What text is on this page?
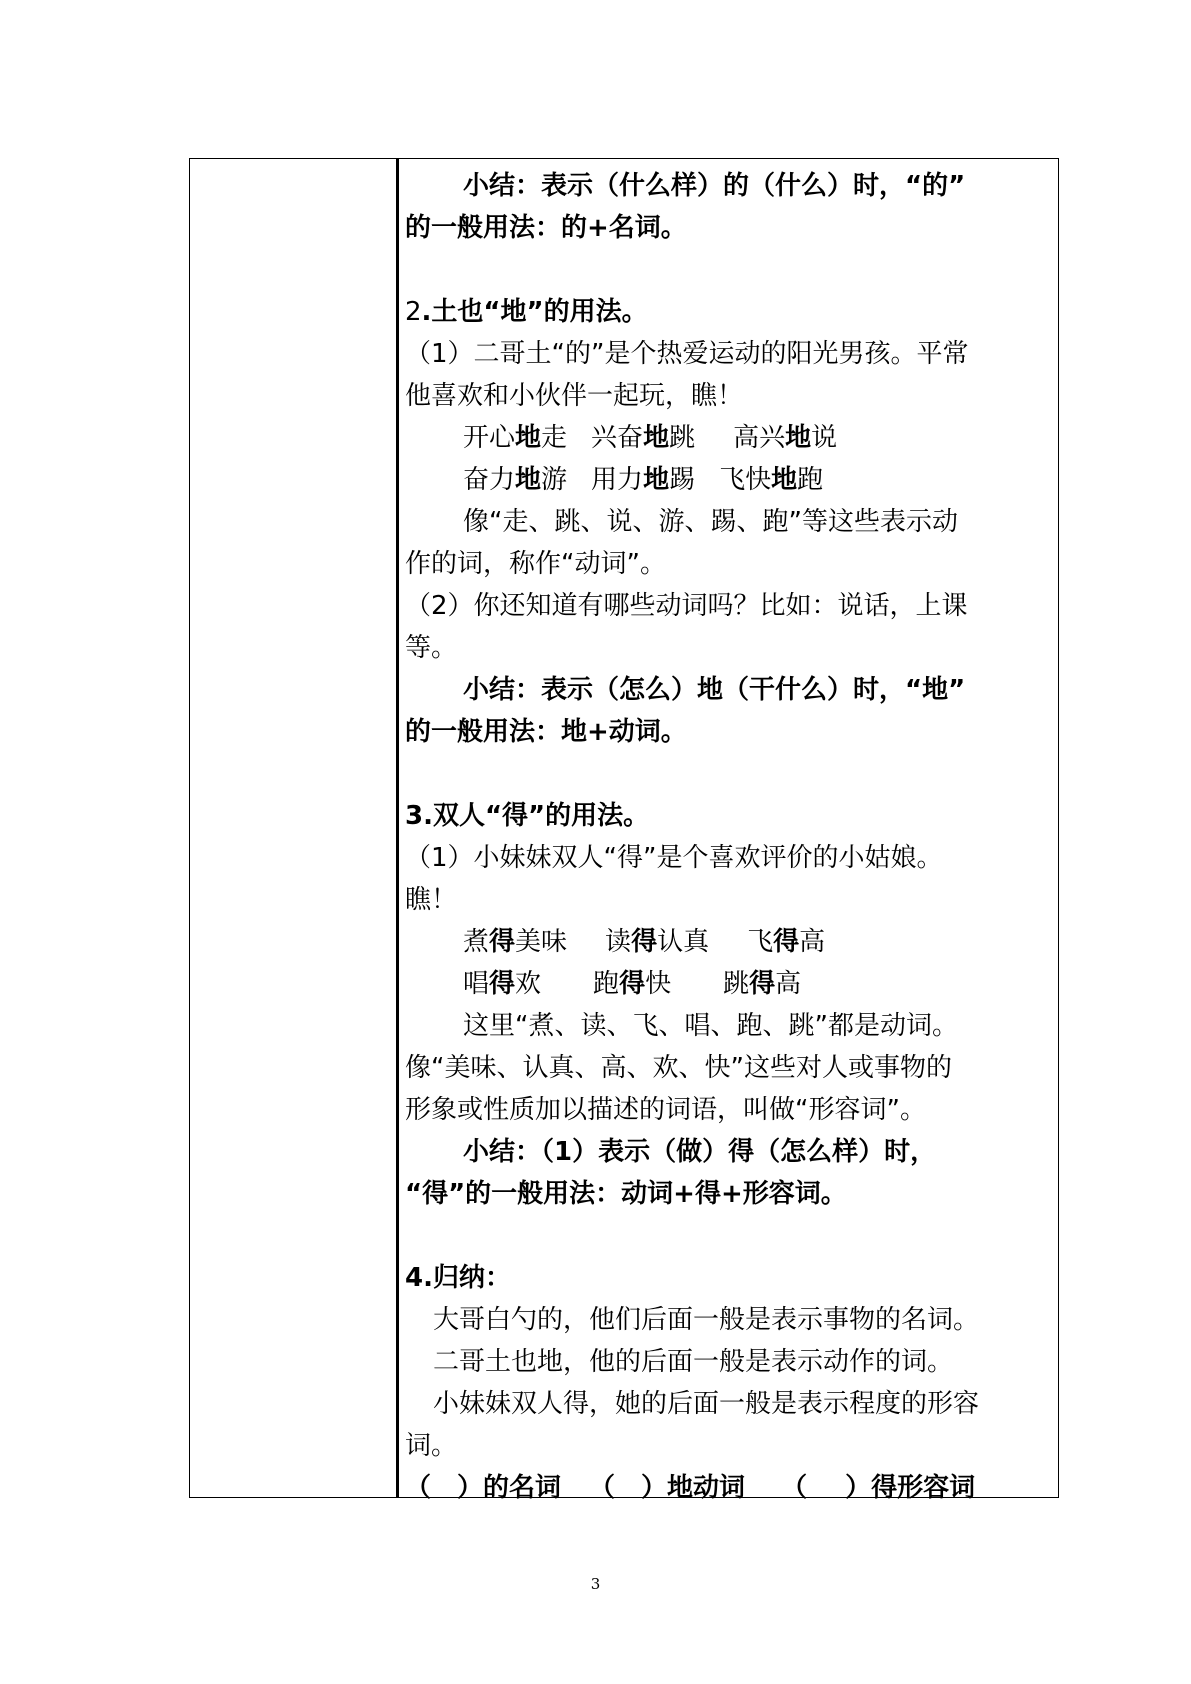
小结：表示（什么样）的（什么）时，“的”
的一般用法：的+名词。
2.土也“地”的用法。
（1）二哥土“的”是个热爱运动的阳光男孩。平常
他喜欢和小伙伴一起玩，瞧！
开心地走 兴奋地跳 高兴地说
奋力地游 用力地踢 飞快地跑
像“走、跳、说、游、踢、跑”等这些表示动
作的词，称作“动词”。
（2）你还知道有哪些动词吗？比如：说话，上课
等。
小结：表示（怎么）地（干什么）时，“地”
的一般用法：地+动词。
3.双人“得”的用法。
（1）小妹妹双人“得”是个喜欢评价的小姑娘。
瞧！
煮得美味 读得认真 飞得高
唱得欢 跑得快 跳得高
这里“煮、读、飞、唱、跑、跳”都是动词。
像“美味、认真、高、欢、快”这些对人或事物的
形象或性质加以描述的词语，叫做“形容词”。
小结：（1）表示（做）得（怎么样）时，
“得”的一般用法：动词+得+形容词。
4.归纳：
大哥白勺的，他们后面一般是表示事物的名词。
二哥土也地，他的后面一般是表示动作的词。
小妹妹双人得，她的后面一般是表示程度的形容
词。
（ ）的名词 （ ）地动词 （ ）得形容词
3
